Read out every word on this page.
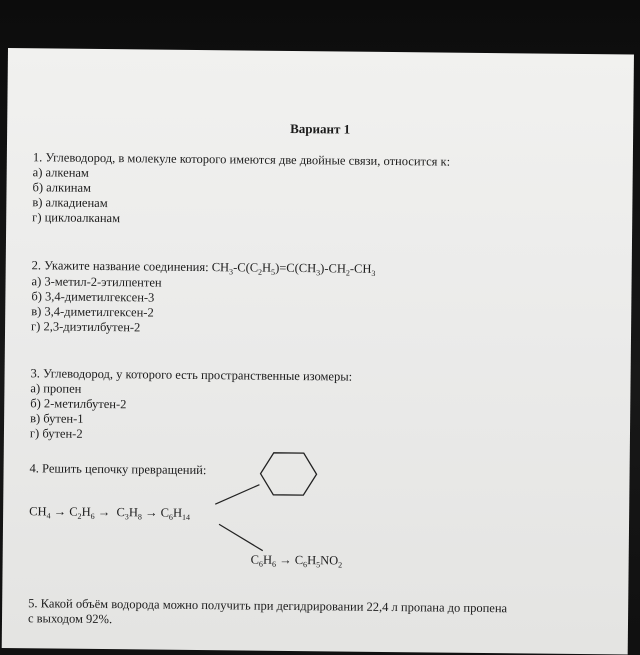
Вариант 1
1. Углеводород, в молекуле которого имеются две двойные связи, относится к:
а) алкенам
б) алкинам
в) алкадиенам
г) циклоалканам
2. Укажите название соединения: $CH_3-C(C_2H_5)=C(CH_3)-CH_2-CH_3$
а) 3-метил-2-этилпентен
б) 3,4-диметилгексен-3
в) 3,4-диметилгексен-2
г) 2,3-диэтилбутен-2
3. Углеводород, у которого есть пространственные изомеры:
а) пропен
б) 2-метилбутен-2
в) бутен-1
г) бутен-2
4. Решить цепочку превращений:
$CH_4 \to C_2H_6 \to C_3H_8 \to C_6H_{14}$
$C_6H_6 \to C_6H_5NO_2$
5. Какой объём водорода можно получить при дегидрировании 22,4 л пропана до пропена
с выходом 92%.
